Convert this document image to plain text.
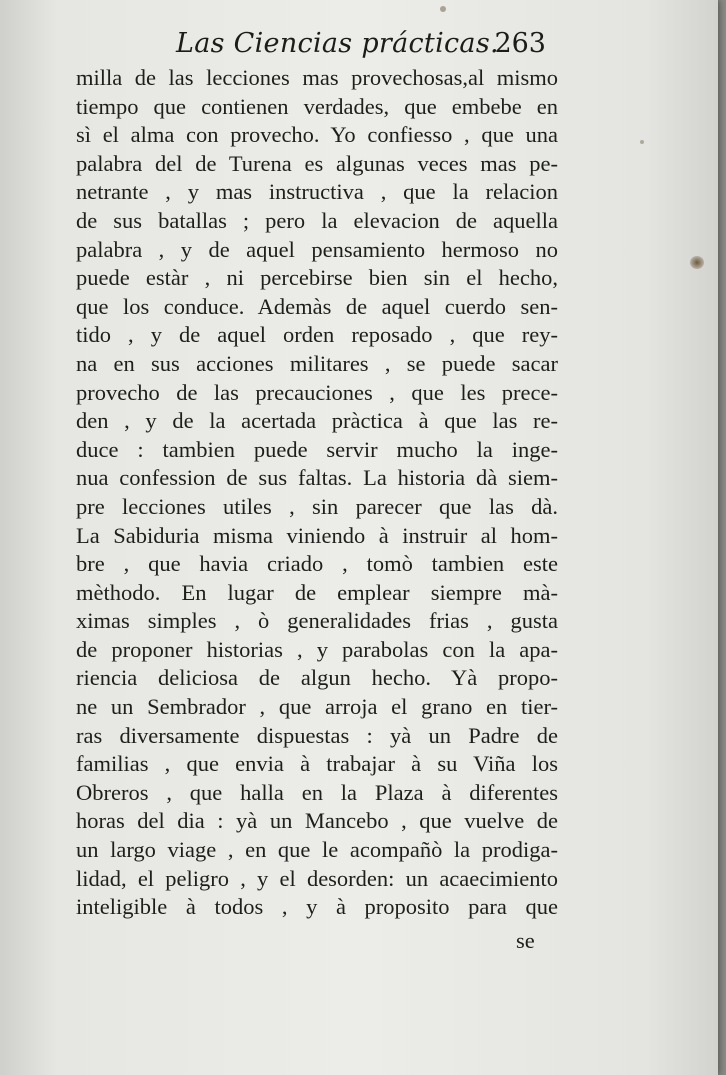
Las Ciencias prácticas.
263
milla de las lecciones mas provechosas,al mismo
tiempo que contienen verdades, que embebe en
sì el alma con provecho. Yo confiesso , que una
palabra del de Turena es algunas veces mas pe-
netrante , y mas instructiva , que la relacion
de sus batallas ; pero la elevacion de aquella
palabra , y de aquel pensamiento hermoso no
puede estàr , ni percebirse bien sin el hecho,
que los conduce. Ademàs de aquel cuerdo sen-
tido , y de aquel orden reposado , que rey-
na en sus acciones militares , se puede sacar
provecho de las precauciones , que les prece-
den , y de la acertada pràctica à que las re-
duce : tambien puede servir mucho la inge-
nua confession de sus faltas. La historia dà siem-
pre lecciones utiles , sin parecer que las dà.
La Sabiduria misma viniendo à instruir al hom-
bre , que havia criado , tomò tambien este
mèthodo. En lugar de emplear siempre mà-
ximas simples , ò generalidades frias , gusta
de proponer historias , y parabolas con la apa-
riencia deliciosa de algun hecho. Yà propo-
ne un Sembrador , que arroja el grano en tier-
ras diversamente dispuestas : yà un Padre de
familias , que envia à trabajar à su Viña los
Obreros , que halla en la Plaza à diferentes
horas del dia : yà un Mancebo , que vuelve de
un largo viage , en que le acompañò la prodiga-
lidad, el peligro , y el desorden: un acaecimiento
inteligible à todos , y à proposito para que
se
